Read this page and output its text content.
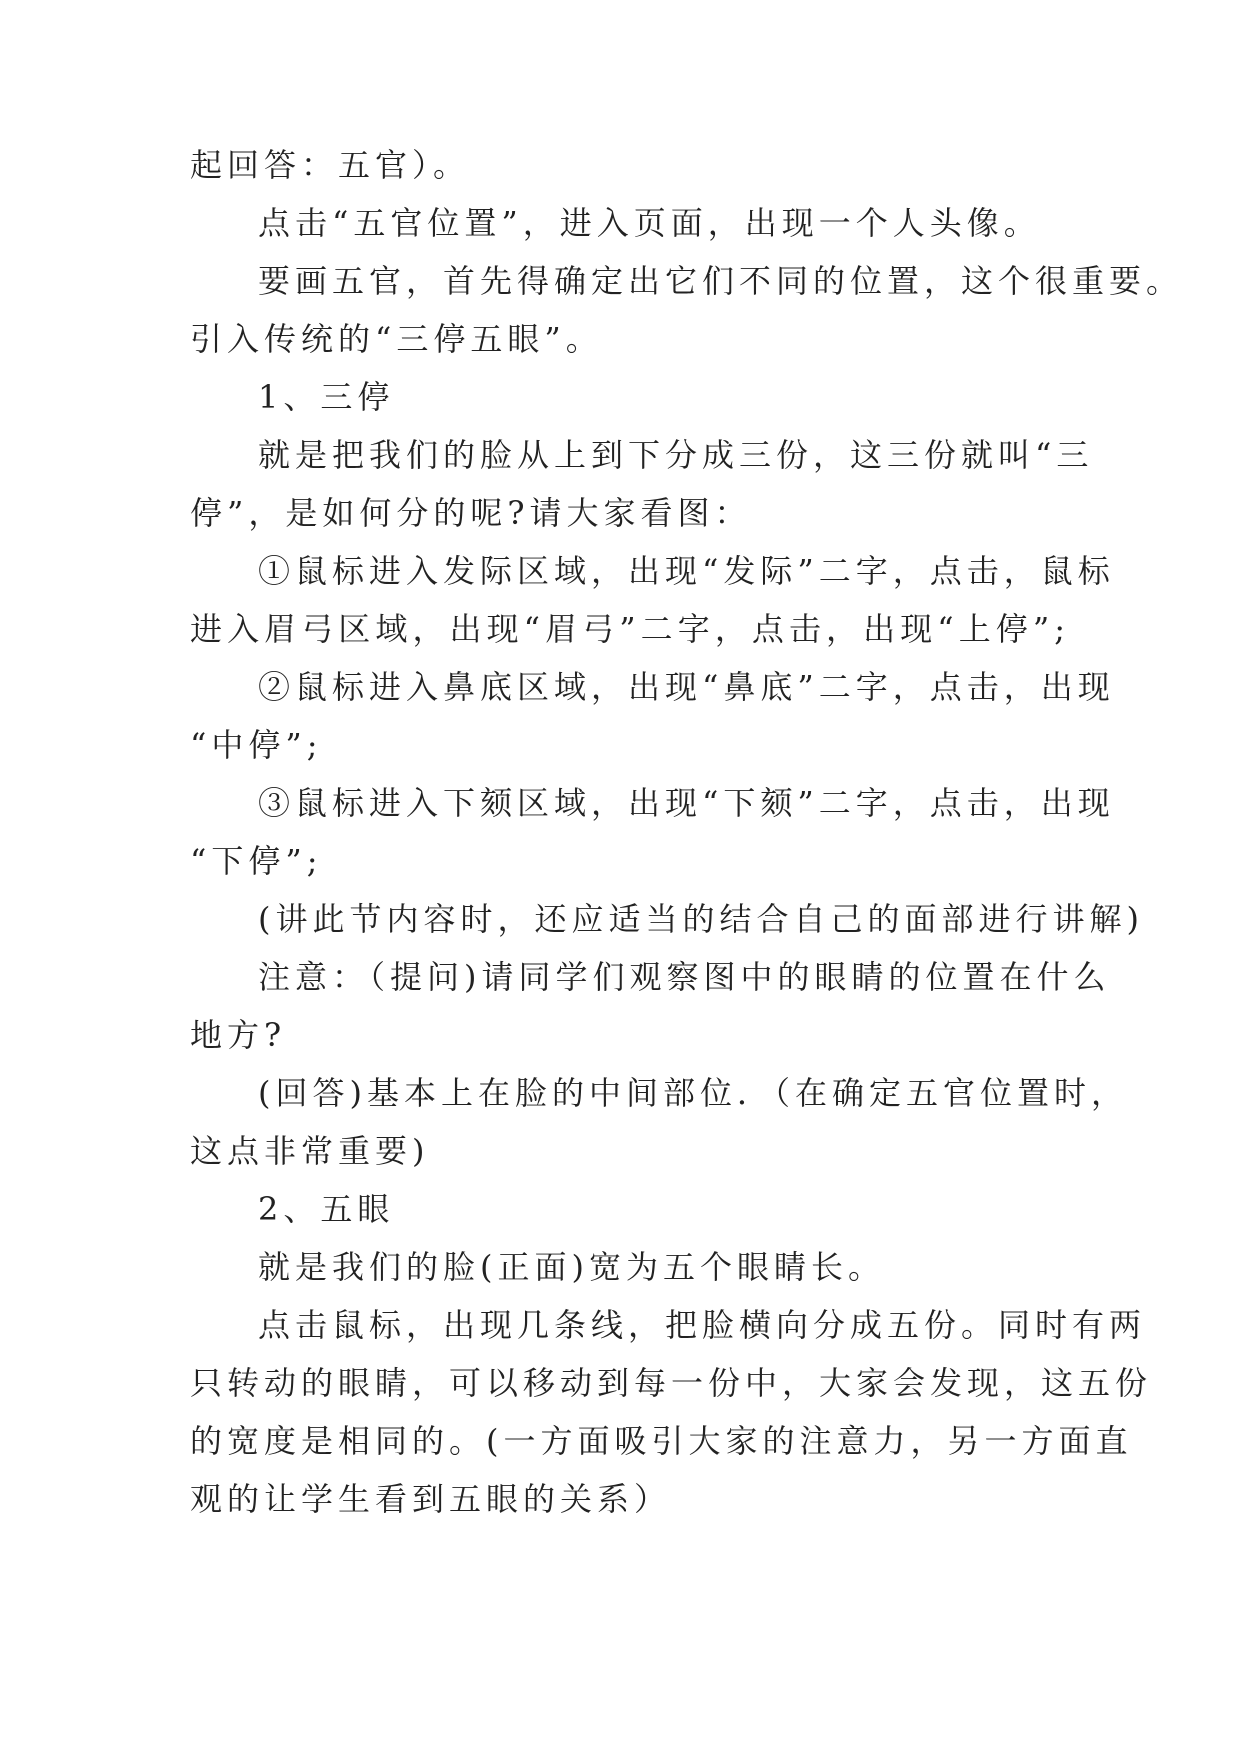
起回答：五官）。
点击“五官位置”，进入页面，出现一个人头像。
要画五官，首先得确定出它们不同的位置，这个很重要。
引入传统的“三停五眼”。
1、三停
就是把我们的脸从上到下分成三份，这三份就叫“三
停”，是如何分的呢?请大家看图：
①鼠标进入发际区域，出现“发际”二字，点击，鼠标
进入眉弓区域，出现“眉弓”二字，点击，出现“上停”;
②鼠标进入鼻底区域，出现“鼻底”二字，点击，出现
“中停”;
③鼠标进入下颏区域，出现“下颏”二字，点击，出现
“下停”;
(讲此节内容时，还应适当的结合自己的面部进行讲解)
注意：（提问)请同学们观察图中的眼睛的位置在什么
地方?
(回答)基本上在脸的中间部位．（在确定五官位置时，
这点非常重要)
2、五眼
就是我们的脸(正面)宽为五个眼睛长。
点击鼠标，出现几条线，把脸横向分成五份。同时有两
只转动的眼睛，可以移动到每一份中，大家会发现，这五份
的宽度是相同的。(一方面吸引大家的注意力，另一方面直
观的让学生看到五眼的关系）
